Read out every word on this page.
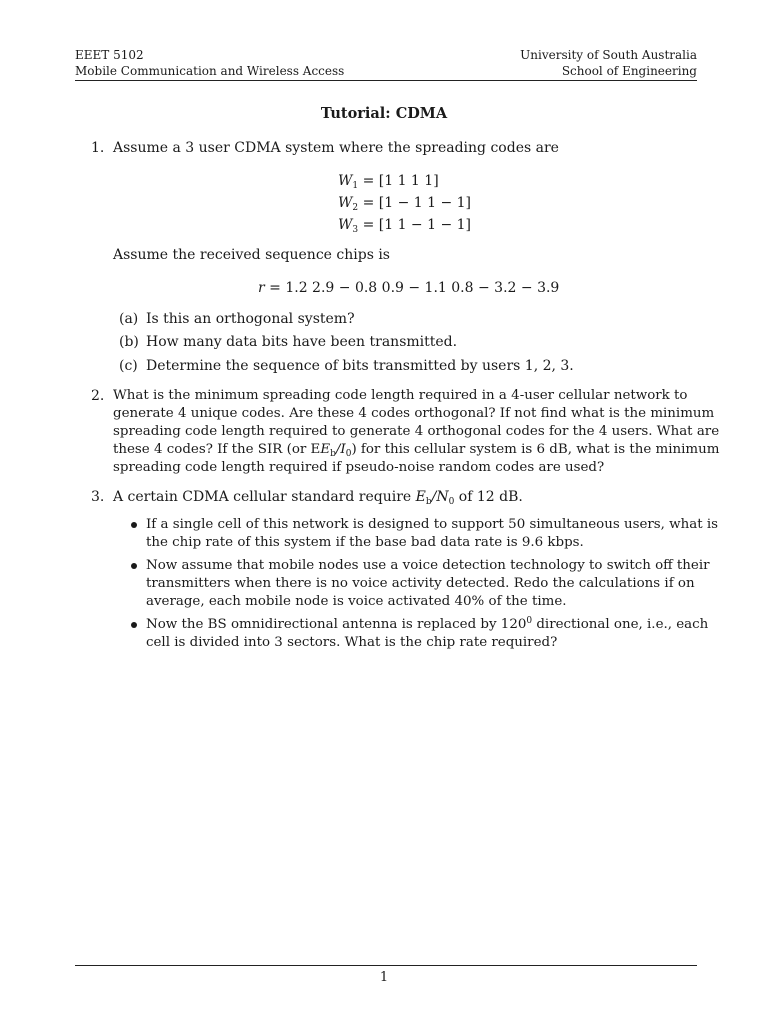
EEET 5102
Mobile Communication and Wireless Access
University of South Australia
School of Engineering
Tutorial: CDMA
1. Assume a 3 user CDMA system where the spreading codes are
$W_1 = [1$ 1 1 1]
$W_2 = [1 - 1$ 1 − 1]
$W_3 = [1$ 1 − 1 − 1]
Assume the received sequence chips is
r = 1.2 2.9 − 0.8 0.9 − 1.1 0.8 − 3.2 − 3.9
(a) Is this an orthogonal system?
(b) How many data bits have been transmitted.
(c) Determine the sequence of bits transmitted by users 1, 2, 3.
2. What is the minimum spreading code length required in a 4-user cellular network to
generate 4 unique codes. Are these 4 codes orthogonal? If not find what is the minimum
spreading code length required to generate 4 orthogonal codes for the 4 users. What are
these 4 codes? If the SIR (or $EE_b/I_0$) for this cellular system is 6 dB, what is the minimum
spreading code length required if pseudo-noise random codes are used?
3. A certain CDMA cellular standard require $E_b/N_0$ of 12 dB.
If a single cell of this network is designed to support 50 simultaneous users, what is
the chip rate of this system if the base bad data rate is 9.6 kbps.
Now assume that mobile nodes use a voice detection technology to switch off their
transmitters when there is no voice activity detected. Redo the calculations if on
average, each mobile node is voice activated 40% of the time.
Now the BS omnidirectional antenna is replaced by $120^0$ directional one, i.e., each
cell is divided into 3 sectors. What is the chip rate required?
1
